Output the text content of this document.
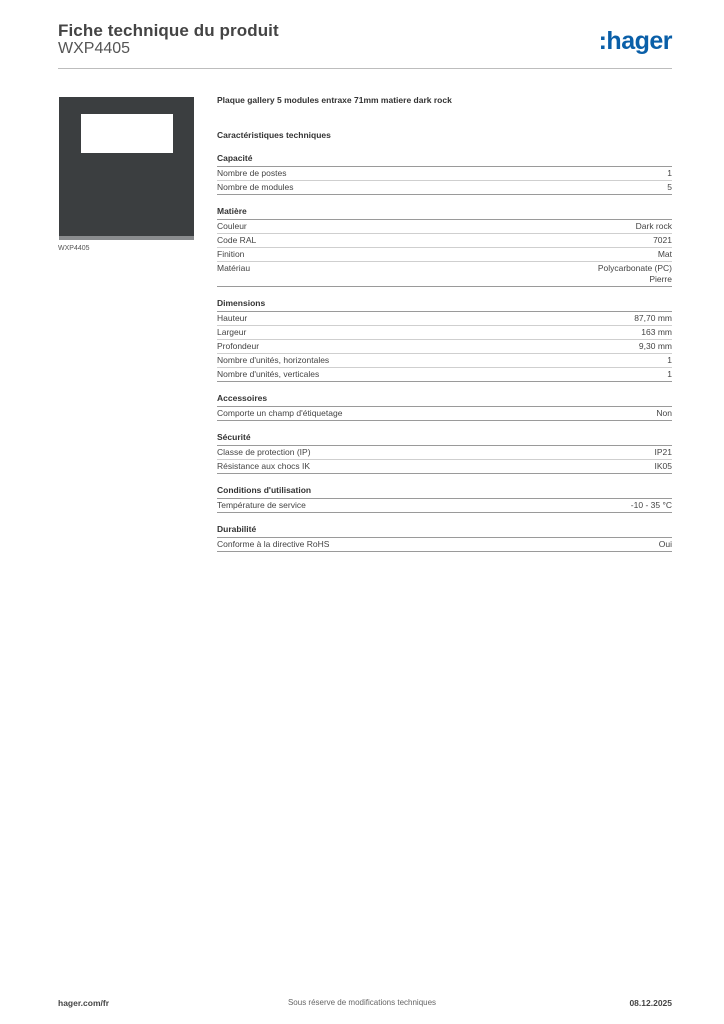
Fiche technique du produit
WXP4405	:hager
WXP4405
Plaque gallery 5 modules entraxe 71mm matiere dark rock
Caractéristiques techniques
Capacité
Nombre de postes	1
Nombre de modules	5
Matière
Couleur	Dark rock
Code RAL	7021
Finition	Mat
Matériau	Polycarbonate (PC)
Pierre
Dimensions
Hauteur	87,70 mm
Largeur	163 mm
Profondeur	9,30 mm
Nombre d'unités, horizontales	1
Nombre d'unités, verticales	1
Accessoires
Comporte un champ d'étiquetage	Non
Sécurité
Classe de protection (IP)	IP21
Résistance aux chocs IK	IK05
Conditions d'utilisation
Température de service	-10 - 35 °C
Durabilité
Conforme à la directive RoHS	Oui
hager.com/fr	Sous réserve de modifications techniques	08.12.2025
